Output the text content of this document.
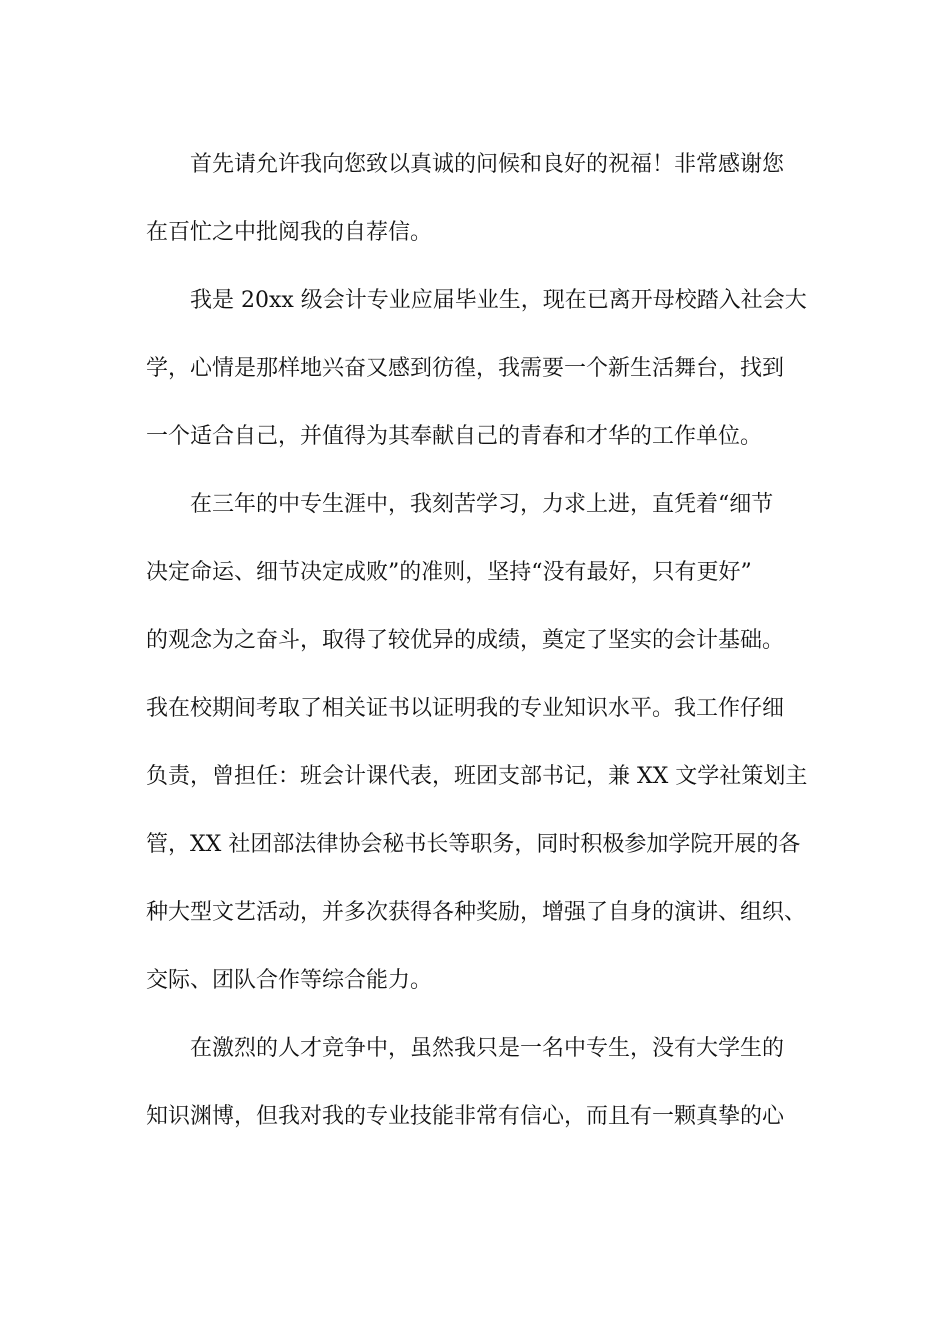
首先请允许我向您致以真诚的问候和良好的祝福！非常感谢您
在百忙之中批阅我的自荐信。
我是 20xx 级会计专业应届毕业生，现在已离开母校踏入社会大
学，心情是那样地兴奋又感到彷徨，我需要一个新生活舞台，找到
一个适合自己，并值得为其奉献自己的青春和才华的工作单位。
在三年的中专生涯中，我刻苦学习，力求上进，直凭着“细节
决定命运、细节决定成败”的准则，坚持“没有最好，只有更好”
的观念为之奋斗，取得了较优异的成绩，奠定了坚实的会计基础。
我在校期间考取了相关证书以证明我的专业知识水平。我工作仔细
负责，曾担任：班会计课代表，班团支部书记，兼 XX 文学社策划主
管，XX 社团部法律协会秘书长等职务，同时积极参加学院开展的各
种大型文艺活动，并多次获得各种奖励，增强了自身的演讲、组织、
交际、团队合作等综合能力。
在激烈的人才竞争中，虽然我只是一名中专生，没有大学生的
知识渊博，但我对我的专业技能非常有信心，而且有一颗真挚的心
